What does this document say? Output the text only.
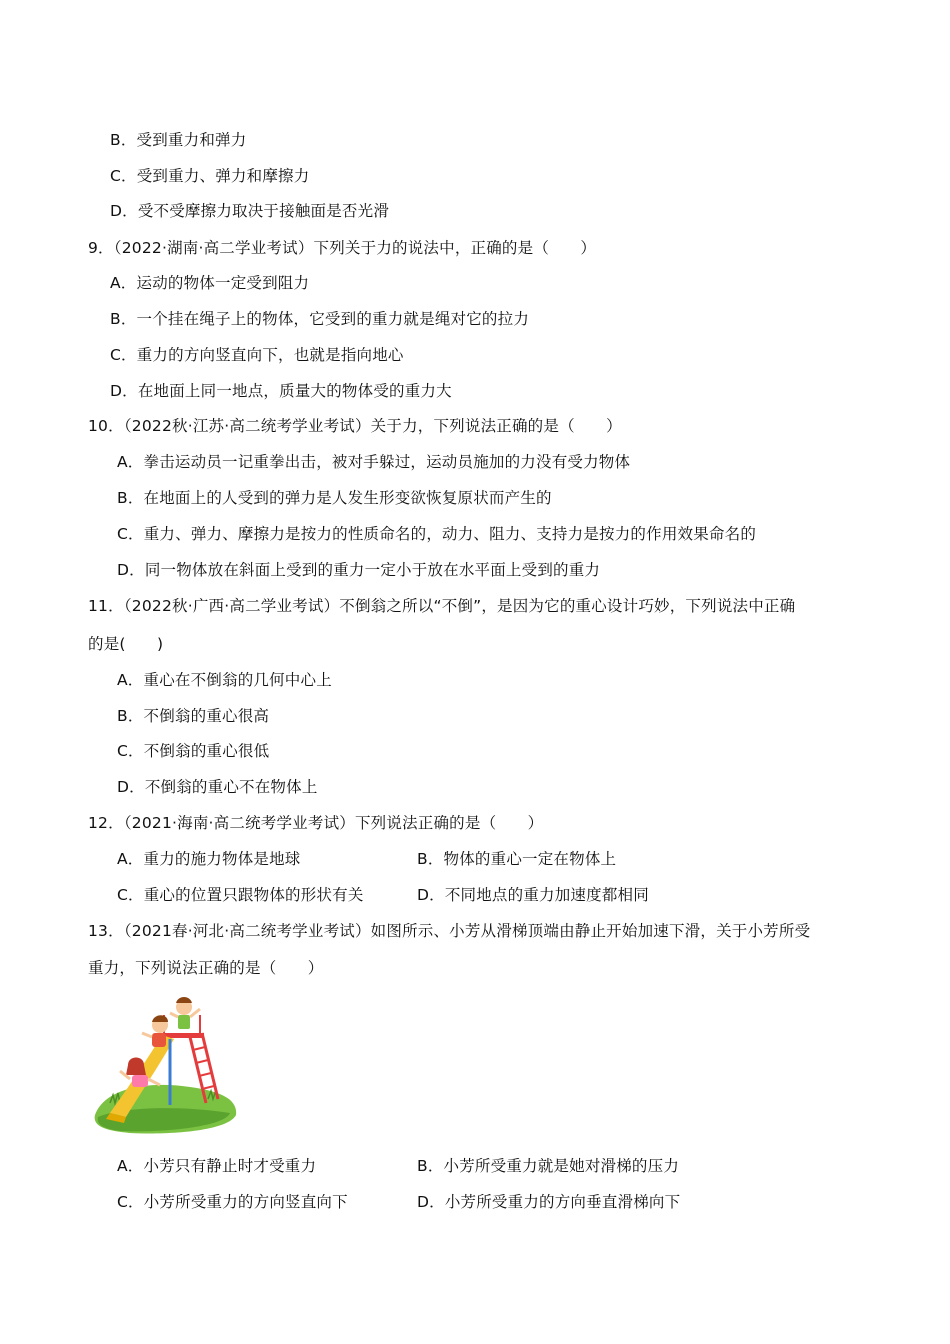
B．受到重力和弹力
C．受到重力、弹力和摩擦力
D．受不受摩擦力取决于接触面是否光滑
9．（2022·湖南·高二学业考试）下列关于力的说法中，正确的是（　　）
A．运动的物体一定受到阻力
B．一个挂在绳子上的物体，它受到的重力就是绳对它的拉力
C．重力的方向竖直向下，也就是指向地心
D．在地面上同一地点，质量大的物体受的重力大
10．（2022秋·江苏·高二统考学业考试）关于力，下列说法正确的是（　　）
A．拳击运动员一记重拳出击，被对手躲过，运动员施加的力没有受力物体
B．在地面上的人受到的弹力是人发生形变欲恢复原状而产生的
C．重力、弹力、摩擦力是按力的性质命名的，动力、阻力、支持力是按力的作用效果命名的
D．同一物体放在斜面上受到的重力一定小于放在水平面上受到的重力
11．（2022秋·广西·高二学业考试）不倒翁之所以“不倒”，是因为它的重心设计巧妙，下列说法中正确
的是(　　)
A．重心在不倒翁的几何中心上
B．不倒翁的重心很高
C．不倒翁的重心很低
D．不倒翁的重心不在物体上
12．（2021·海南·高二统考学业考试）下列说法正确的是（　　）
A．重力的施力物体是地球	B．物体的重心一定在物体上
C．重心的位置只跟物体的形状有关	D．不同地点的重力加速度都相同
13．（2021春·河北·高二统考学业考试）如图所示、小芳从滑梯顶端由静止开始加速下滑，关于小芳所受
重力，下列说法正确的是（　　）
A．小芳只有静止时才受重力	B．小芳所受重力就是她对滑梯的压力
C．小芳所受重力的方向竖直向下	D．小芳所受重力的方向垂直滑梯向下
